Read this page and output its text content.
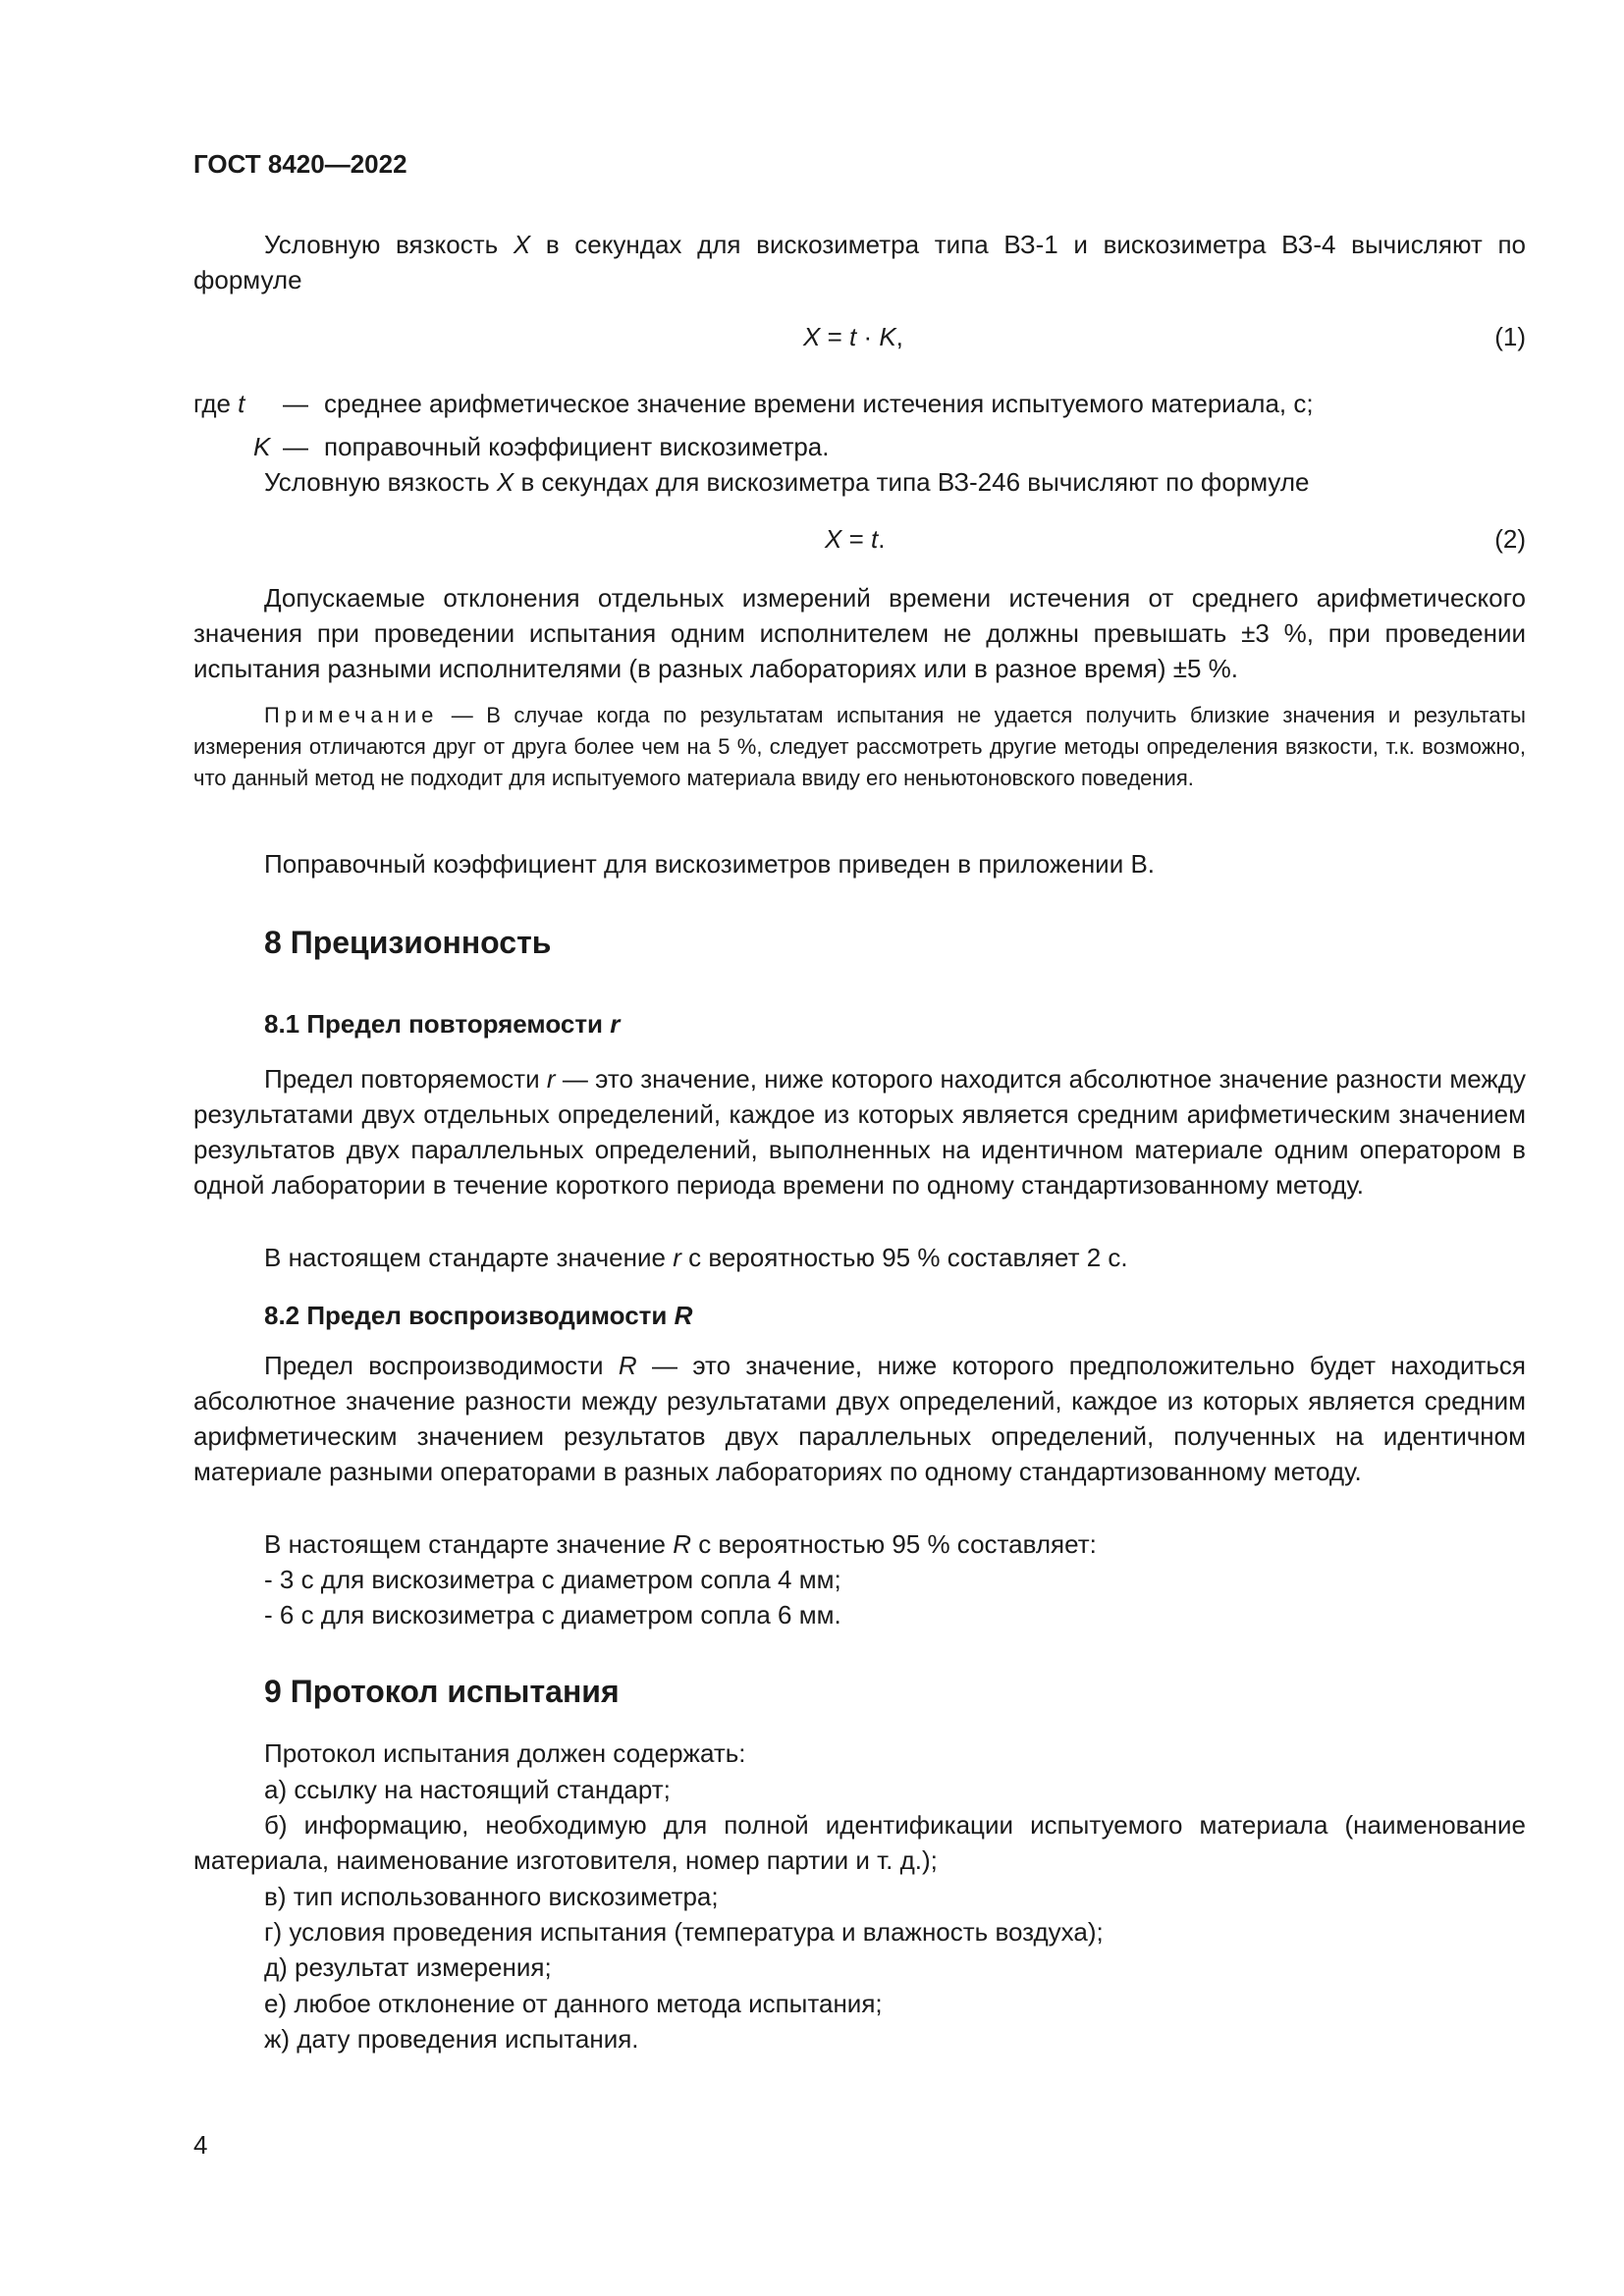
ГОСТ 8420—2022
Условную вязкость X в секундах для вискозиметра типа ВЗ-1 и вискозиметра ВЗ-4 вычисляют по формуле
X = t · K,	(1)
где t — среднее арифметическое значение времени истечения испытуемого материала, с;
K — поправочный коэффициент вискозиметра.
Условную вязкость X в секундах для вискозиметра типа ВЗ-246 вычисляют по формуле
X = t.	(2)
Допускаемые отклонения отдельных измерений времени истечения от среднего арифметического значения при проведении испытания одним исполнителем не должны превышать ±3 %, при проведении испытания разными исполнителями (в разных лабораториях или в разное время) ±5 %.
Примечание — В случае когда по результатам испытания не удается получить близкие значения и результаты измерения отличаются друг от друга более чем на 5 %, следует рассмотреть другие методы определения вязкости, т.к. возможно, что данный метод не подходит для испытуемого материала ввиду его неньютоновского поведения.
Поправочный коэффициент для вискозиметров приведен в приложении В.
8 Прецизионность
8.1 Предел повторяемости r
Предел повторяемости r — это значение, ниже которого находится абсолютное значение разности между результатами двух отдельных определений, каждое из которых является средним арифметическим значением результатов двух параллельных определений, выполненных на идентичном материале одним оператором в одной лаборатории в течение короткого периода времени по одному стандартизованному методу.
В настоящем стандарте значение r с вероятностью 95 % составляет 2 с.
8.2 Предел воспроизводимости R
Предел воспроизводимости R — это значение, ниже которого предположительно будет находиться абсолютное значение разности между результатами двух определений, каждое из которых является средним арифметическим значением результатов двух параллельных определений, полученных на идентичном материале разными операторами в разных лабораториях по одному стандартизованному методу.
В настоящем стандарте значение R с вероятностью 95 % составляет:
- 3 с для вискозиметра с диаметром сопла 4 мм;
- 6 с для вискозиметра с диаметром сопла 6 мм.
9 Протокол испытания
Протокол испытания должен содержать:
а) ссылку на настоящий стандарт;
б) информацию, необходимую для полной идентификации испытуемого материала (наименование материала, наименование изготовителя, номер партии и т. д.);
в) тип использованного вискозиметра;
г) условия проведения испытания (температура и влажность воздуха);
д) результат измерения;
е) любое отклонение от данного метода испытания;
ж) дату проведения испытания.
4
